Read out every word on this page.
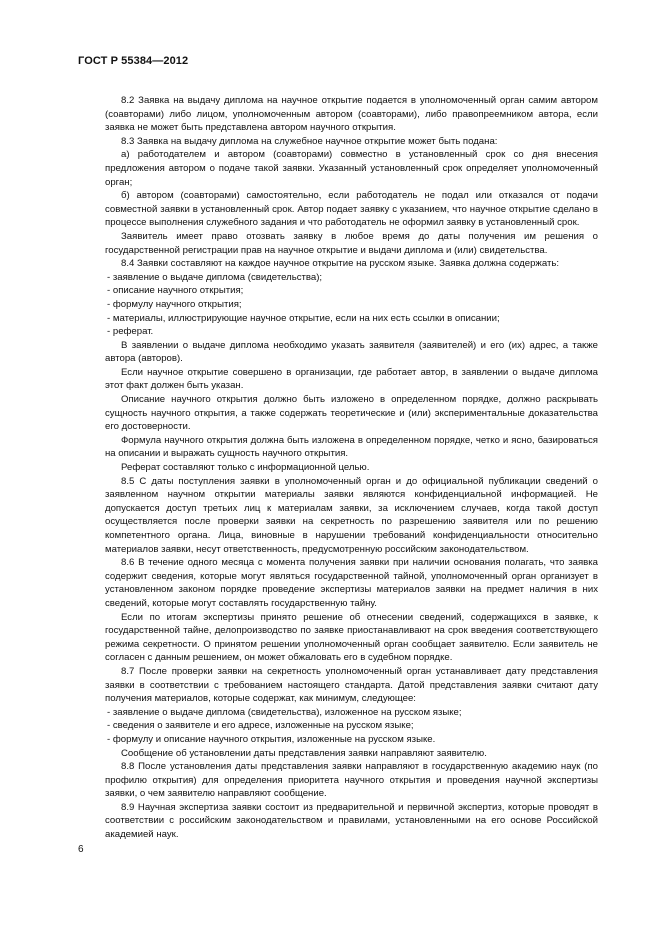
ГОСТ Р 55384—2012

8.2 Заявка на выдачу диплома на научное открытие подается в уполномоченный орган самим автором (соавторами) либо лицом, уполномоченным автором (соавторами), либо правопреемником автора, если заявка не может быть представлена автором научного открытия.

8.3 Заявка на выдачу диплома на служебное научное открытие может быть подана:

а) работодателем и автором (соавторами) совместно в установленный срок со дня внесения предложения автором о подаче такой заявки. Указанный установленный срок определяет уполномоченный орган;

б) автором (соавторами) самостоятельно, если работодатель не подал или отказался от подачи совместной заявки в установленный срок. Автор подает заявку с указанием, что научное открытие сделано в процессе выполнения служебного задания и что работодатель не оформил заявку в установленный срок.

Заявитель имеет право отозвать заявку в любое время до даты получения им решения о государственной регистрации прав на научное открытие и выдачи диплома и (или) свидетельства.

8.4 Заявки составляют на каждое научное открытие на русском языке. Заявка должна содержать:

- заявление о выдаче диплома (свидетельства);

- описание научного открытия;

- формулу научного открытия;

- материалы, иллюстрирующие научное открытие, если на них есть ссылки в описании;

- реферат.

В заявлении о выдаче диплома необходимо указать заявителя (заявителей) и его (их) адрес, а также автора (авторов).

Если научное открытие совершено в организации, где работает автор, в заявлении о выдаче диплома этот факт должен быть указан.

Описание научного открытия должно быть изложено в определенном порядке, должно раскрывать сущность научного открытия, а также содержать теоретические и (или) экспериментальные доказательства его достоверности.

Формула научного открытия должна быть изложена в определенном порядке, четко и ясно, базироваться на описании и выражать сущность научного открытия.

Реферат составляют только с информационной целью.

8.5 С даты поступления заявки в уполномоченный орган и до официальной публикации сведений о заявленном научном открытии материалы заявки являются конфиденциальной информацией. Не допускается доступ третьих лиц к материалам заявки, за исключением случаев, когда такой доступ осуществляется после проверки заявки на секретность по разрешению заявителя или по решению компетентного органа. Лица, виновные в нарушении требований конфиденциальности относительно материалов заявки, несут ответственность, предусмотренную российским законодательством.

8.6 В течение одного месяца с момента получения заявки при наличии основания полагать, что заявка содержит сведения, которые могут являться государственной тайной, уполномоченный орган организует в установленном законом порядке проведение экспертизы материалов заявки на предмет наличия в них сведений, которые могут составлять государственную тайну.

Если по итогам экспертизы принято решение об отнесении сведений, содержащихся в заявке, к государственной тайне, делопроизводство по заявке приостанавливают на срок введения соответствующего режима секретности. О принятом решении уполномоченный орган сообщает заявителю. Если заявитель не согласен с данным решением, он может обжаловать его в судебном порядке.

8.7 После проверки заявки на секретность уполномоченный орган устанавливает дату представления заявки в соответствии с требованием настоящего стандарта. Датой представления заявки считают дату получения материалов, которые содержат, как минимум, следующее:

- заявление о выдаче диплома (свидетельства), изложенное на русском языке;

- сведения о заявителе и его адресе, изложенные на русском языке;

- формулу и описание научного открытия, изложенные на русском языке.

Сообщение об установлении даты представления заявки направляют заявителю.

8.8 После установления даты представления заявки направляют в государственную академию наук (по профилю открытия) для определения приоритета научного открытия и проведения научной экспертизы заявки, о чем заявителю направляют сообщение.

8.9 Научная экспертиза заявки состоит из предварительной и первичной экспертиз, которые проводят в соответствии с российским законодательством и правилами, установленными на его основе Российской академией наук.

6
